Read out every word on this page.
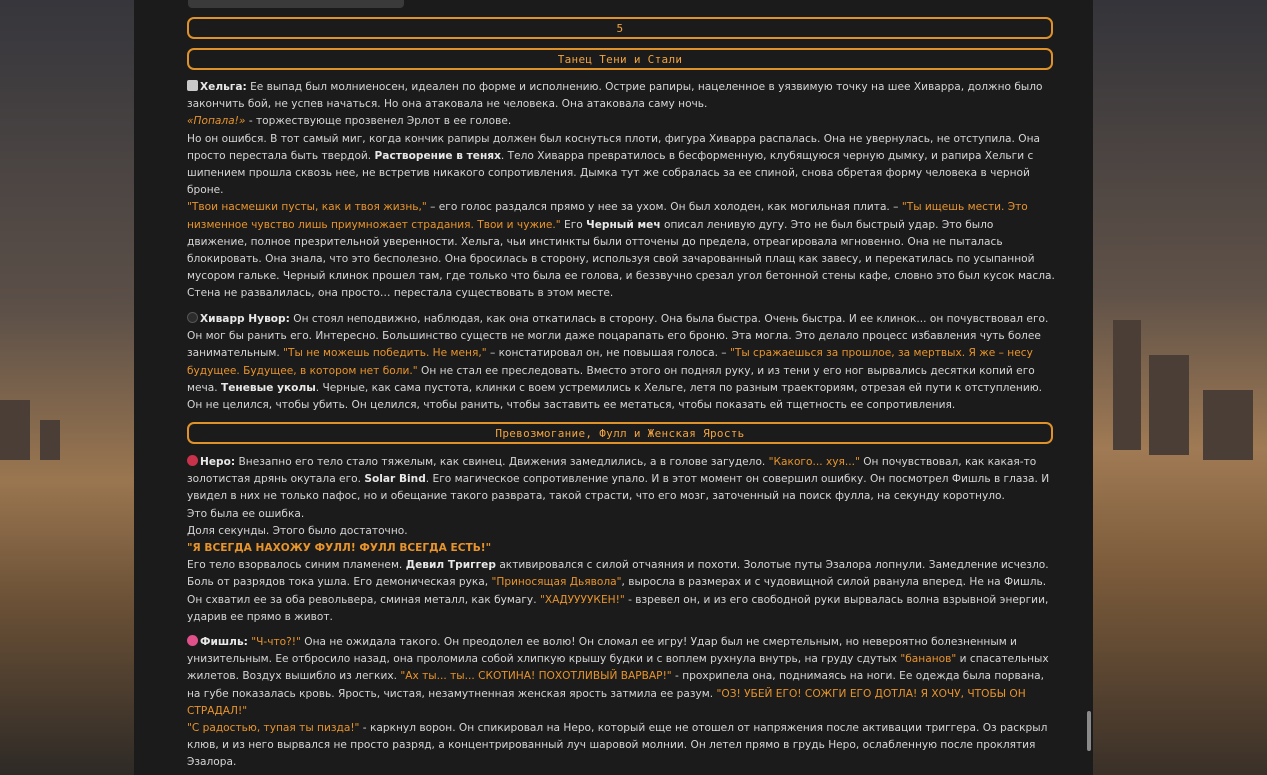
5
Танец Тени и Стали

Хельга: Ее выпад был молниеносен, идеален по форме и исполнению. Острие рапиры, нацеленное в уязвимую точку на шее Хиварра, должно было закончить бой, не успев начаться. Но она атаковала не человека. Она атаковала саму ночь.

«Попала!» - торжествующе прозвенел Эрлот в ее голове.

Но он ошибся. В тот самый миг, когда кончик рапиры должен был коснуться плоти, фигура Хиварра распалась. Она не увернулась, не отступила. Она просто перестала быть твердой. Растворение в тенях. Тело Хиварра превратилось в бесформенную, клубящуюся черную дымку, и рапира Хельги с шипением прошла сквозь нее, не встретив никакого сопротивления. Дымка тут же собралась за ее спиной, снова обретая форму человека в черной броне.

"Твои насмешки пусты, как и твоя жизнь," – его голос раздался прямо у нее за ухом. Он был холоден, как могильная плита. – "Ты ищешь мести. Это низменное чувство лишь приумножает страдания. Твои и чужие." Его Черный меч описал ленивую дугу. Это не был быстрый удар. Это было движение, полное презрительной уверенности. Хельга, чьи инстинкты были отточены до предела, отреагировала мгновенно. Она не пыталась блокировать. Она знала, что это бесполезно. Она бросилась в сторону, используя свой зачарованный плащ как завесу, и перекатилась по усыпанной мусором гальке. Черный клинок прошел там, где только что была ее голова, и беззвучно срезал угол бетонной стены кафе, словно это был кусок масла. Стена не развалилась, она просто… перестала существовать в этом месте.

Хиварр Нувор: Он стоял неподвижно, наблюдая, как она откатилась в сторону. Она была быстра. Очень быстра. И ее клинок... он почувствовал его. Он мог бы ранить его. Интересно. Большинство существ не могли даже поцарапать его броню. Эта могла. Это делало процесс избавления чуть более занимательным. "Ты не можешь победить. Не меня," – констатировал он, не повышая голоса. – "Ты сражаешься за прошлое, за мертвых. Я же – несу будущее. Будущее, в котором нет боли." Он не стал ее преследовать. Вместо этого он поднял руку, и из тени у его ног вырвались десятки копий его меча. Теневые уколы. Черные, как сама пустота, клинки с воем устремились к Хельге, летя по разным траекториям, отрезая ей пути к отступлению. Он не целился, чтобы убить. Он целился, чтобы ранить, чтобы заставить ее метаться, чтобы показать ей тщетность ее сопротивления.

Превозмогание, Фулл и Женская Ярость

Неро: Внезапно его тело стало тяжелым, как свинец. Движения замедлились, а в голове загудело. "Какого... хуя..." Он почувствовал, как какая-то золотистая дрянь окутала его. Solar Bind. Его магическое сопротивление упало. И в этот момент он совершил ошибку. Он посмотрел Фишль в глаза. И увидел в них не только пафос, но и обещание такого разврата, такой страсти, что его мозг, заточенный на поиск фулла, на секунду коротнуло.

Это была ее ошибка.

Доля секунды. Этого было достаточно.

"Я ВСЕГДА НАХОЖУ ФУЛЛ! ФУЛЛ ВСЕГДА ЕСТЬ!"

Его тело взорвалось синим пламенем. Девил Триггер активировался с силой отчаяния и похоти. Золотые путы Эзалора лопнули. Замедление исчезло. Боль от разрядов тока ушла. Его демоническая рука, "Приносящая Дьявола", выросла в размерах и с чудовищной силой рванула вперед. Не на Фишль. Он схватил ее за оба револьвера, сминая металл, как бумагу. "ХАДУУУУКЕН!" - взревел он, и из его свободной руки вырвалась волна взрывной энергии, ударив ее прямо в живот.

Фишль: "Ч-что?!" Она не ожидала такого. Он преодолел ее волю! Он сломал ее игру! Удар был не смертельным, но невероятно болезненным и унизительным. Ее отбросило назад, она проломила собой хлипкую крышу будки и с воплем рухнула внутрь, на груду сдутых "бананов" и спасательных жилетов. Воздух вышибло из легких. "Ах ты... ты... СКОТИНА! ПОХОТЛИВЫЙ ВАРВАР!" - прохрипела она, поднимаясь на ноги. Ее одежда была порвана, на губе показалась кровь. Ярость, чистая, незамутненная женская ярость затмила ее разум. "ОЗ! УБЕЙ ЕГО! СОЖГИ ЕГО ДОТЛА! Я ХОЧУ, ЧТОБЫ ОН СТРАДАЛ!"

"С радостью, тупая ты пизда!" - каркнул ворон. Он спикировал на Неро, который еще не отошел от напряжения после активации триггера. Оз раскрыл клюв, и из него вырвался не просто разряд, а концентрированный луч шаровой молнии. Он летел прямо в грудь Неро, ослабленную после проклятия Эзалора.
